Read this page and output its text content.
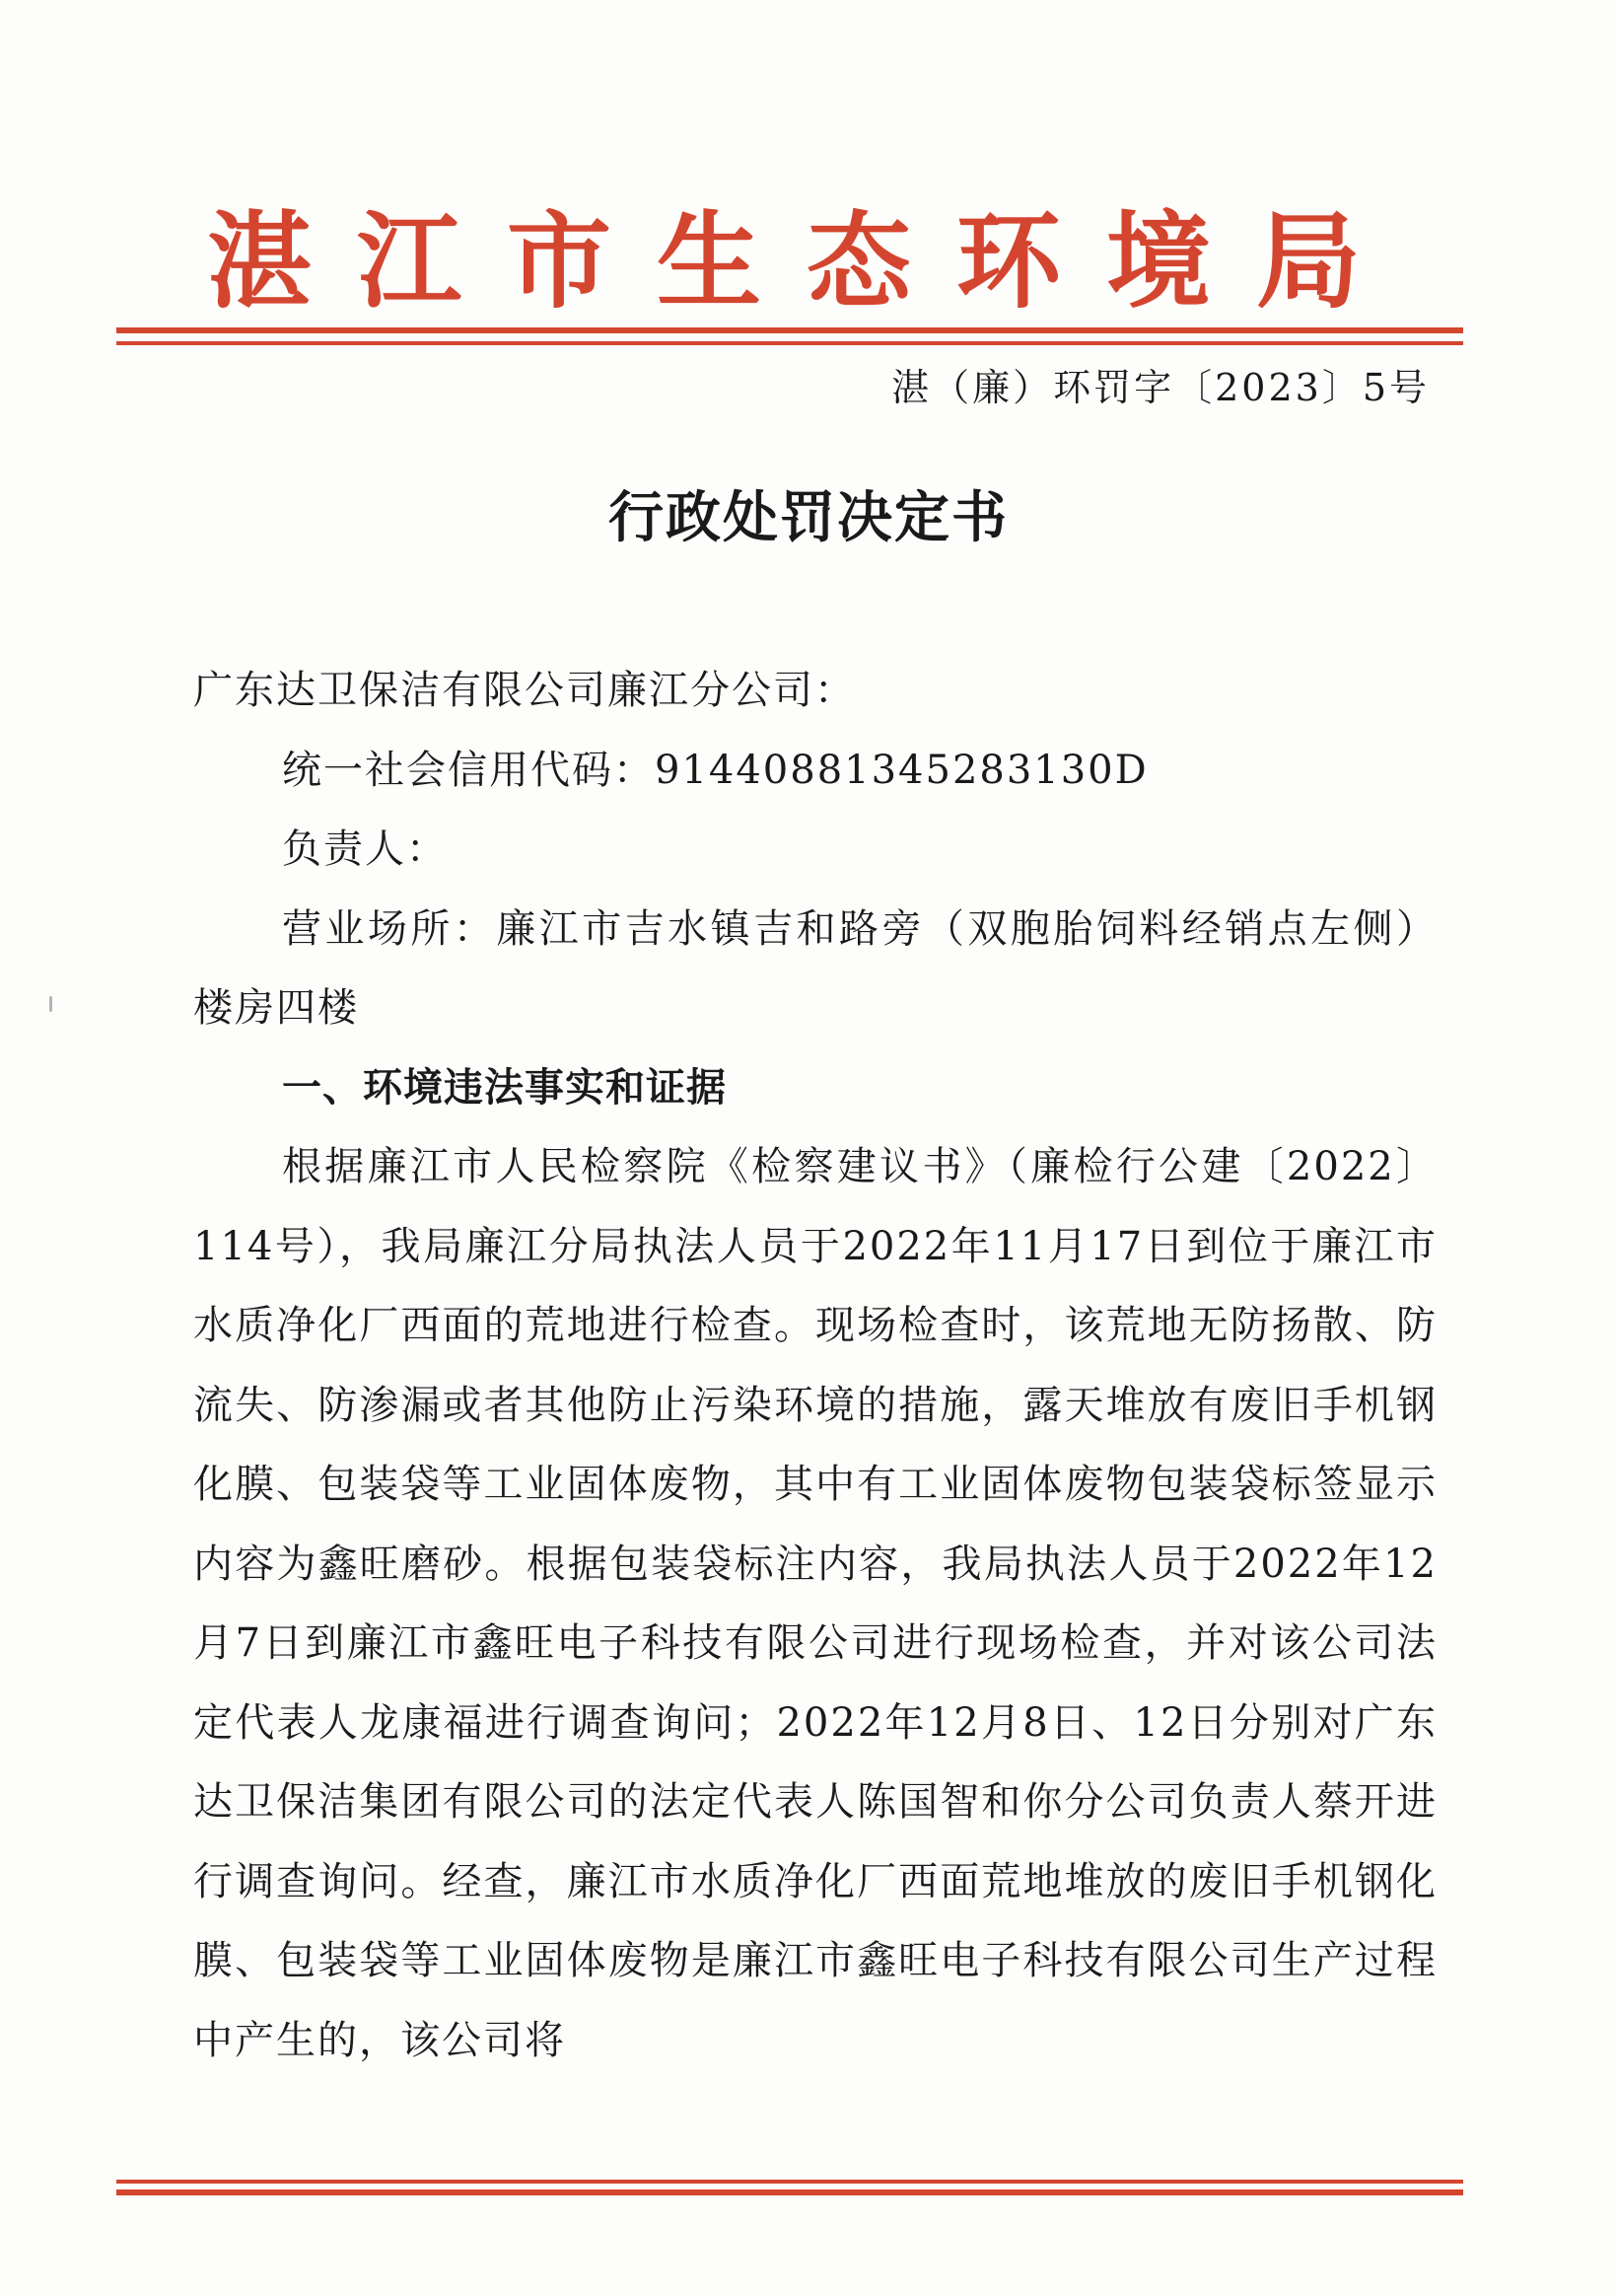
湛江市生态环境局
湛（廉）环罚字〔2023〕5号
行政处罚决定书

广东达卫保洁有限公司廉江分公司：

统一社会信用代码：91440881345283130D

负责人：

营业场所：廉江市吉水镇吉和路旁（双胞胎饲料经销点左侧）楼房四楼

一、环境违法事实和证据

根据廉江市人民检察院《检察建议书》（廉检行公建〔2022〕114号），我局廉江分局执法人员于2022年11月17日到位于廉江市水质净化厂西面的荒地进行检查。现场检查时，该荒地无防扬散、防流失、防渗漏或者其他防止污染环境的措施，露天堆放有废旧手机钢化膜、包装袋等工业固体废物，其中有工业固体废物包装袋标签显示内容为鑫旺磨砂。根据包装袋标注内容，我局执法人员于2022年12月7日到廉江市鑫旺电子科技有限公司进行现场检查，并对该公司法定代表人龙康福进行调查询问；2022年12月8日、12日分别对广东达卫保洁集团有限公司的法定代表人陈国智和你分公司负责人蔡开进行调查询问。经查，廉江市水质净化厂西面荒地堆放的废旧手机钢化膜、包装袋等工业固体废物是廉江市鑫旺电子科技有限公司生产过程中产生的，该公司将
